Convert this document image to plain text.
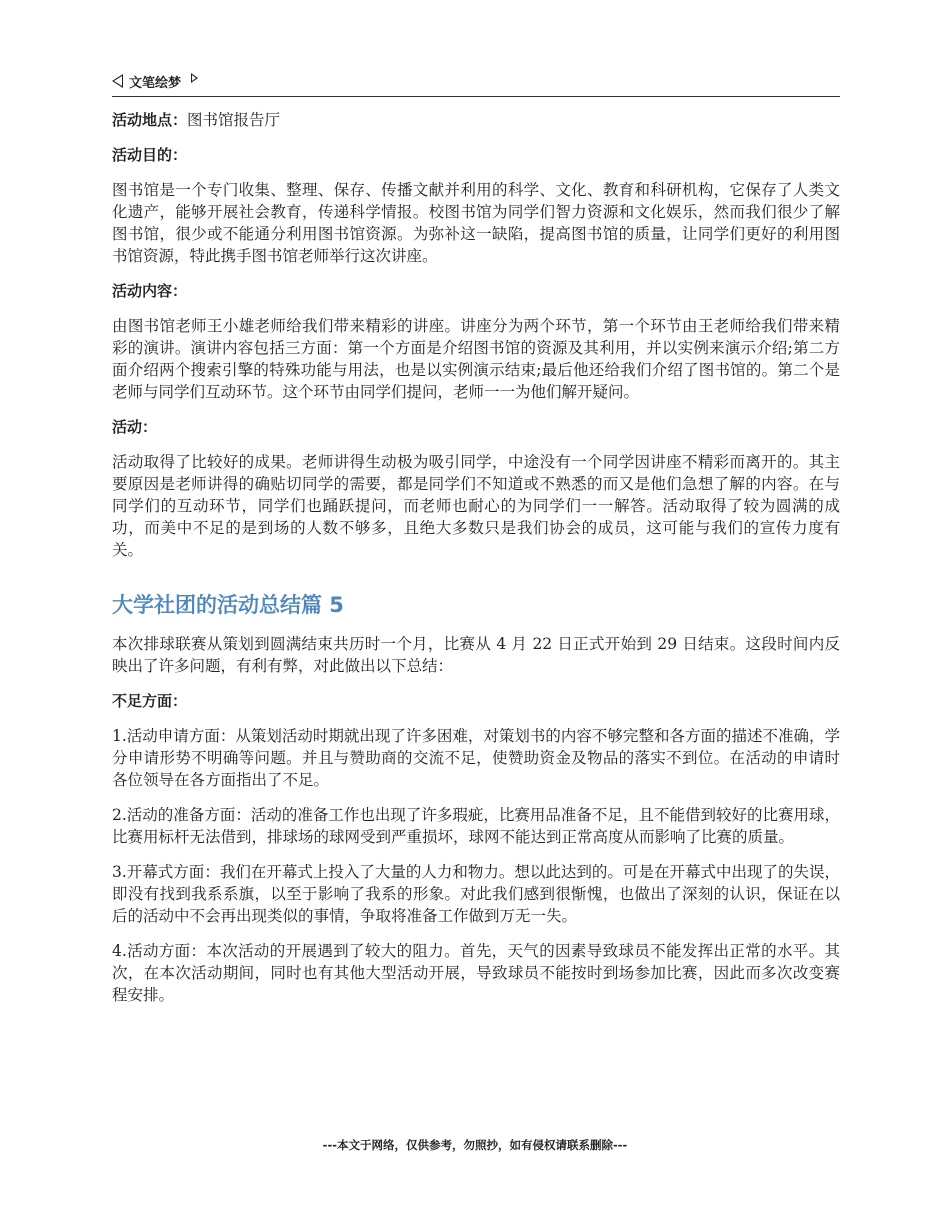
文笔绘梦

活动地点：图书馆报告厅

活动目的：

图书馆是一个专门收集、整理、保存、传播文献并利用的科学、文化、教育和科研机构，它保存了人类文化遗产，能够开展社会教育，传递科学情报。校图书馆为同学们智力资源和文化娱乐，然而我们很少了解图书馆，很少或不能通分利用图书馆资源。为弥补这一缺陷，提高图书馆的质量，让同学们更好的利用图书馆资源，特此携手图书馆老师举行这次讲座。

活动内容：

由图书馆老师王小雄老师给我们带来精彩的讲座。讲座分为两个环节，第一个环节由王老师给我们带来精彩的演讲。演讲内容包括三方面：第一个方面是介绍图书馆的资源及其利用，并以实例来演示介绍;第二方面介绍两个搜索引擎的特殊功能与用法，也是以实例演示结束;最后他还给我们介绍了图书馆的。第二个是老师与同学们互动环节。这个环节由同学们提问，老师一一为他们解开疑问。

活动：

活动取得了比较好的成果。老师讲得生动极为吸引同学，中途没有一个同学因讲座不精彩而离开的。其主要原因是老师讲得的确贴切同学的需要，都是同学们不知道或不熟悉的而又是他们急想了解的内容。在与同学们的互动环节，同学们也踊跃提问，而老师也耐心的为同学们一一解答。活动取得了较为圆满的成功，而美中不足的是到场的人数不够多，且绝大多数只是我们协会的成员，这可能与我们的宣传力度有关。

大学社团的活动总结篇 5

本次排球联赛从策划到圆满结束共历时一个月，比赛从 4 月 22 日正式开始到 29 日结束。这段时间内反映出了许多问题，有利有弊，对此做出以下总结：

不足方面：

1.活动申请方面：从策划活动时期就出现了许多困难，对策划书的内容不够完整和各方面的描述不准确，学分申请形势不明确等问题。并且与赞助商的交流不足，使赞助资金及物品的落实不到位。在活动的申请时各位领导在各方面指出了不足。

2.活动的准备方面：活动的准备工作也出现了许多瑕疵，比赛用品准备不足，且不能借到较好的比赛用球，比赛用标杆无法借到，排球场的球网受到严重损坏，球网不能达到正常高度从而影响了比赛的质量。

3.开幕式方面：我们在开幕式上投入了大量的人力和物力。想以此达到的。可是在开幕式中出现了的失误，即没有找到我系系旗，以至于影响了我系的形象。对此我们感到很惭愧，也做出了深刻的认识，保证在以后的活动中不会再出现类似的事情，争取将准备工作做到万无一失。

4.活动方面：本次活动的开展遇到了较大的阻力。首先，天气的因素导致球员不能发挥出正常的水平。其次，在本次活动期间，同时也有其他大型活动开展，导致球员不能按时到场参加比赛，因此而多次改变赛程安排。

---本文于网络，仅供参考，勿照抄，如有侵权请联系删除---
